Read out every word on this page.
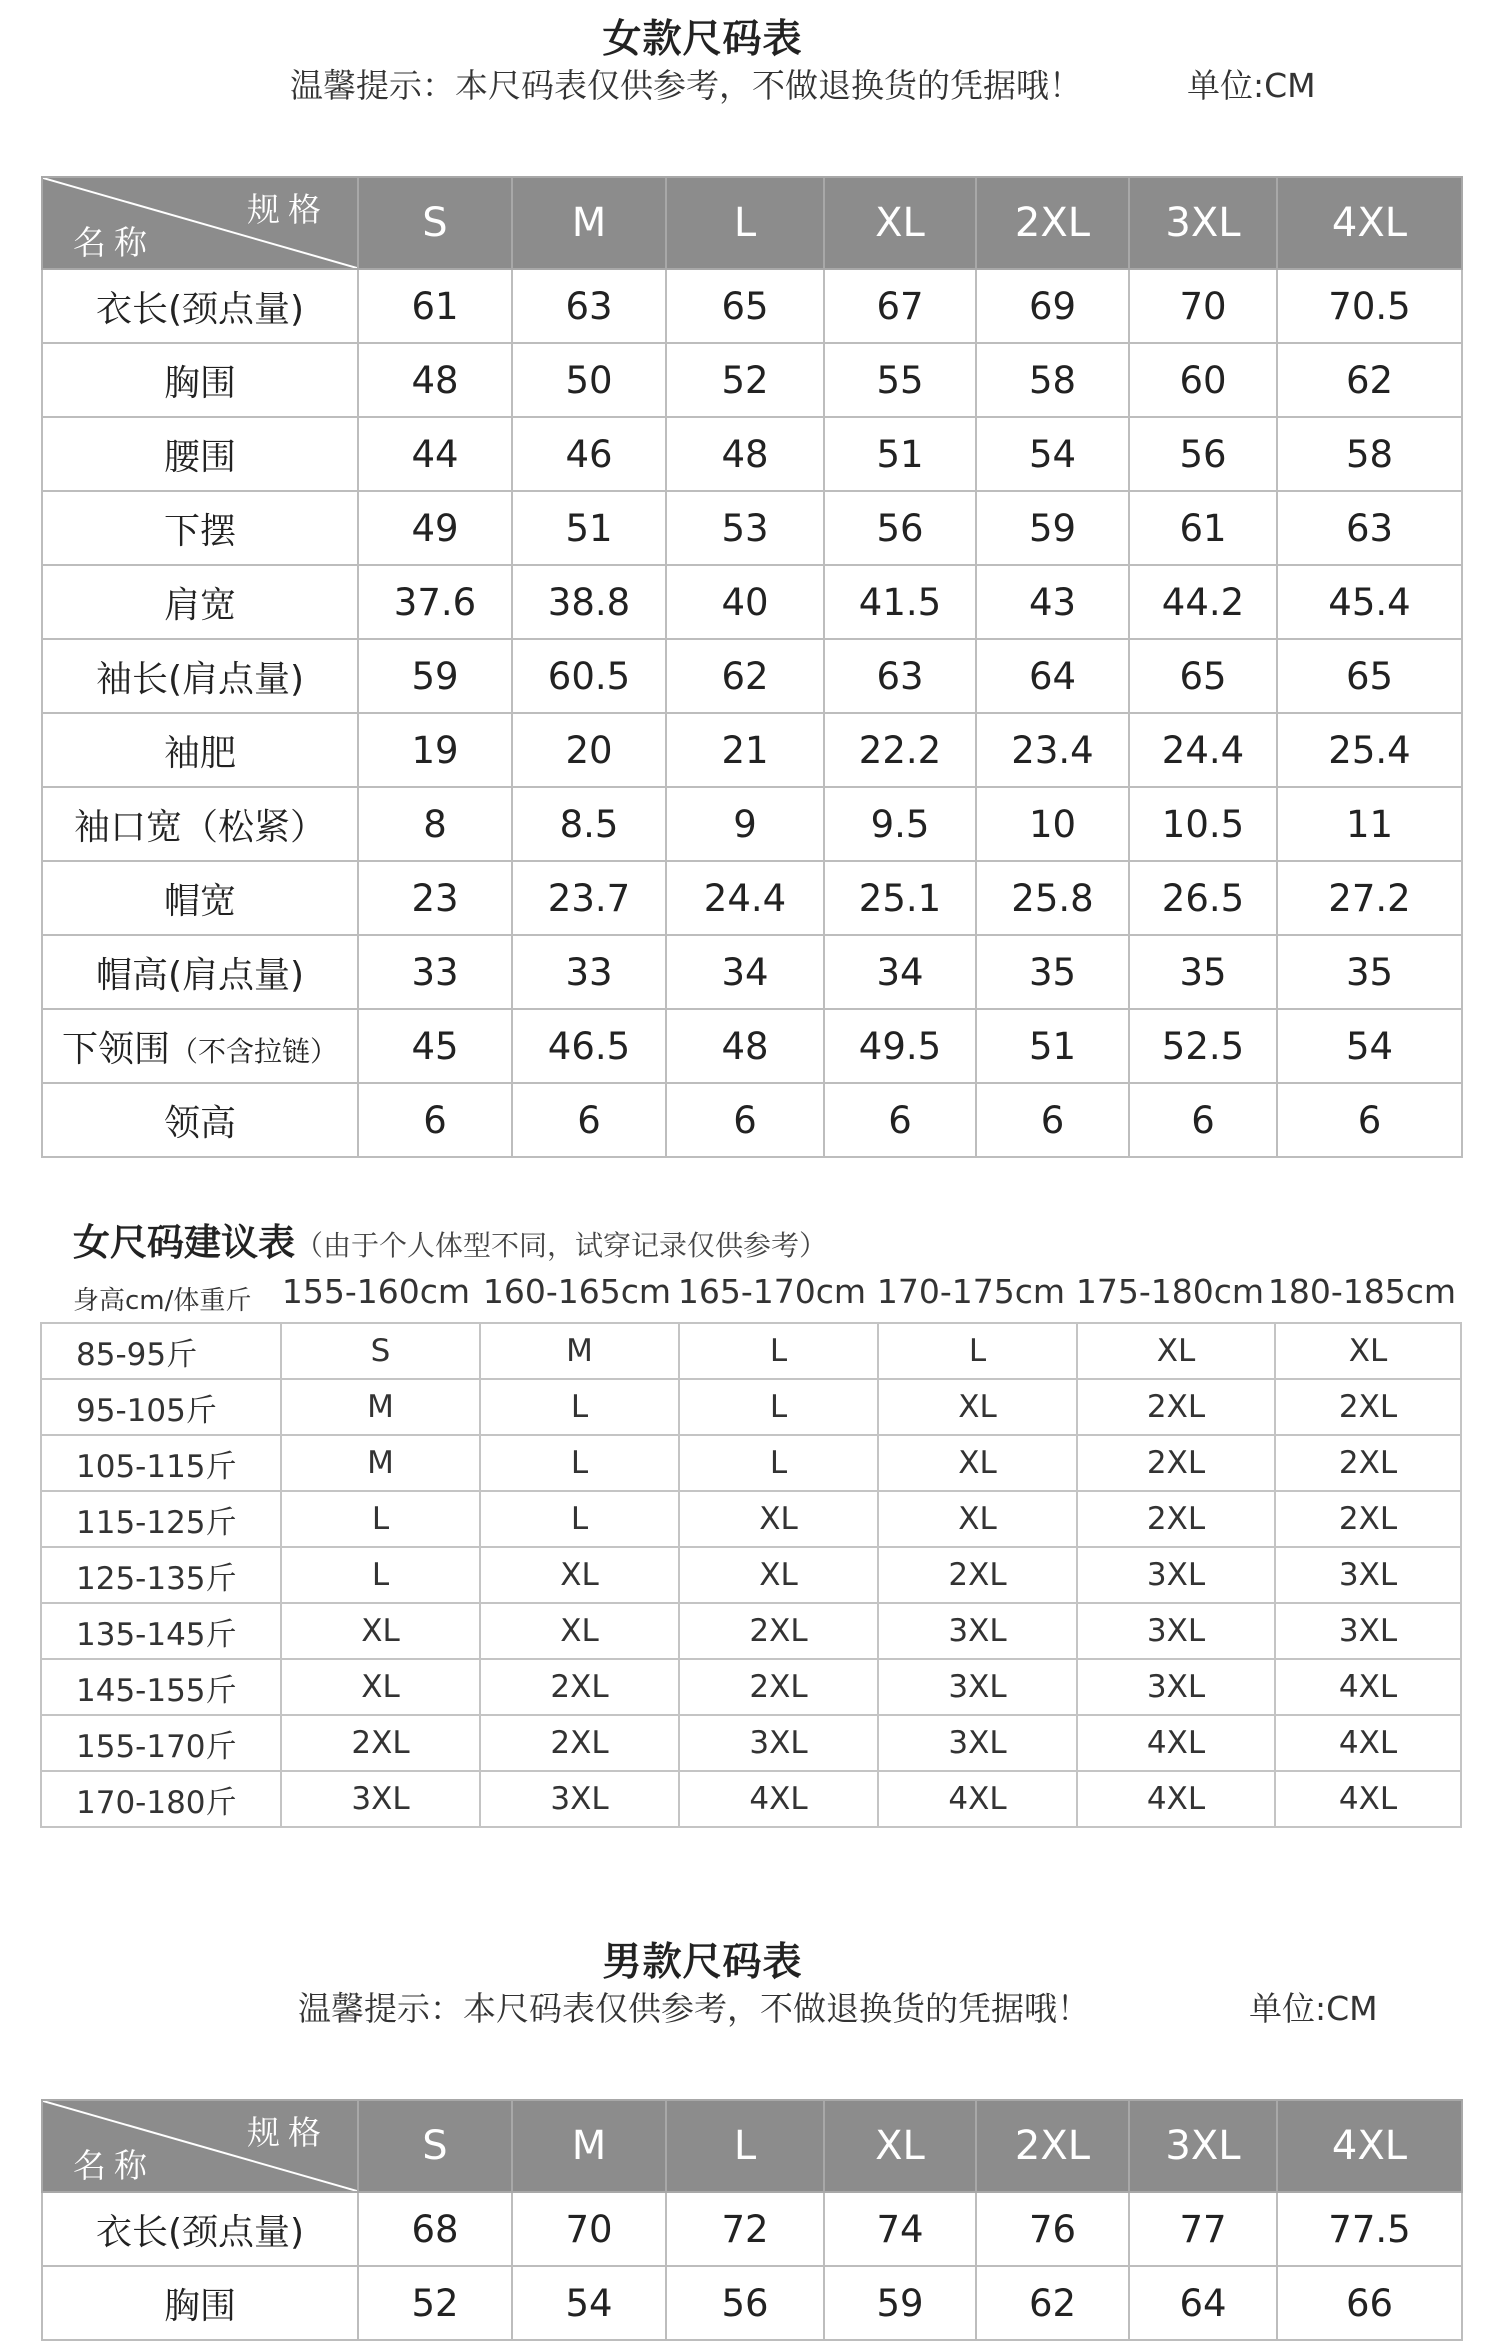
女款尺码表
温馨提示：本尺码表仅供参考，不做退换货的凭据哦！	单位:CM
规格
名称	S	M	L	XL	2XL	3XL	4XL
衣长(颈点量)	61	63	65	67	69	70	70.5
胸围	48	50	52	55	58	60	62
腰围	44	46	48	51	54	56	58
下摆	49	51	53	56	59	61	63
肩宽	37.6	38.8	40	41.5	43	44.2	45.4
袖长(肩点量)	59	60.5	62	63	64	65	65
袖肥	19	20	21	22.2	23.4	24.4	25.4
袖口宽（松紧）	8	8.5	9	9.5	10	10.5	11
帽宽	23	23.7	24.4	25.1	25.8	26.5	27.2
帽高(肩点量)	33	33	34	34	35	35	35
下领围（不含拉链）	45	46.5	48	49.5	51	52.5	54
领高	6	6	6	6	6	6	6
女尺码建议表（由于个人体型不同，试穿记录仅供参考）
身高cm/体重斤 155-160cm 160-165cm 165-170cm 170-175cm 175-180cm 180-185cm
85-95斤	S	M	L	L	XL	XL
95-105斤	M	L	L	XL	2XL	2XL
105-115斤	M	L	L	XL	2XL	2XL
115-125斤	L	L	XL	XL	2XL	2XL
125-135斤	L	XL	XL	2XL	3XL	3XL
135-145斤	XL	XL	2XL	3XL	3XL	3XL
145-155斤	XL	2XL	2XL	3XL	3XL	4XL
155-170斤	2XL	2XL	3XL	3XL	4XL	4XL
170-180斤	3XL	3XL	4XL	4XL	4XL	4XL
男款尺码表
温馨提示：本尺码表仅供参考，不做退换货的凭据哦！	单位:CM
规格
名称	S	M	L	XL	2XL	3XL	4XL
衣长(颈点量)	68	70	72	74	76	77	77.5
胸围	52	54	56	59	62	64	66
